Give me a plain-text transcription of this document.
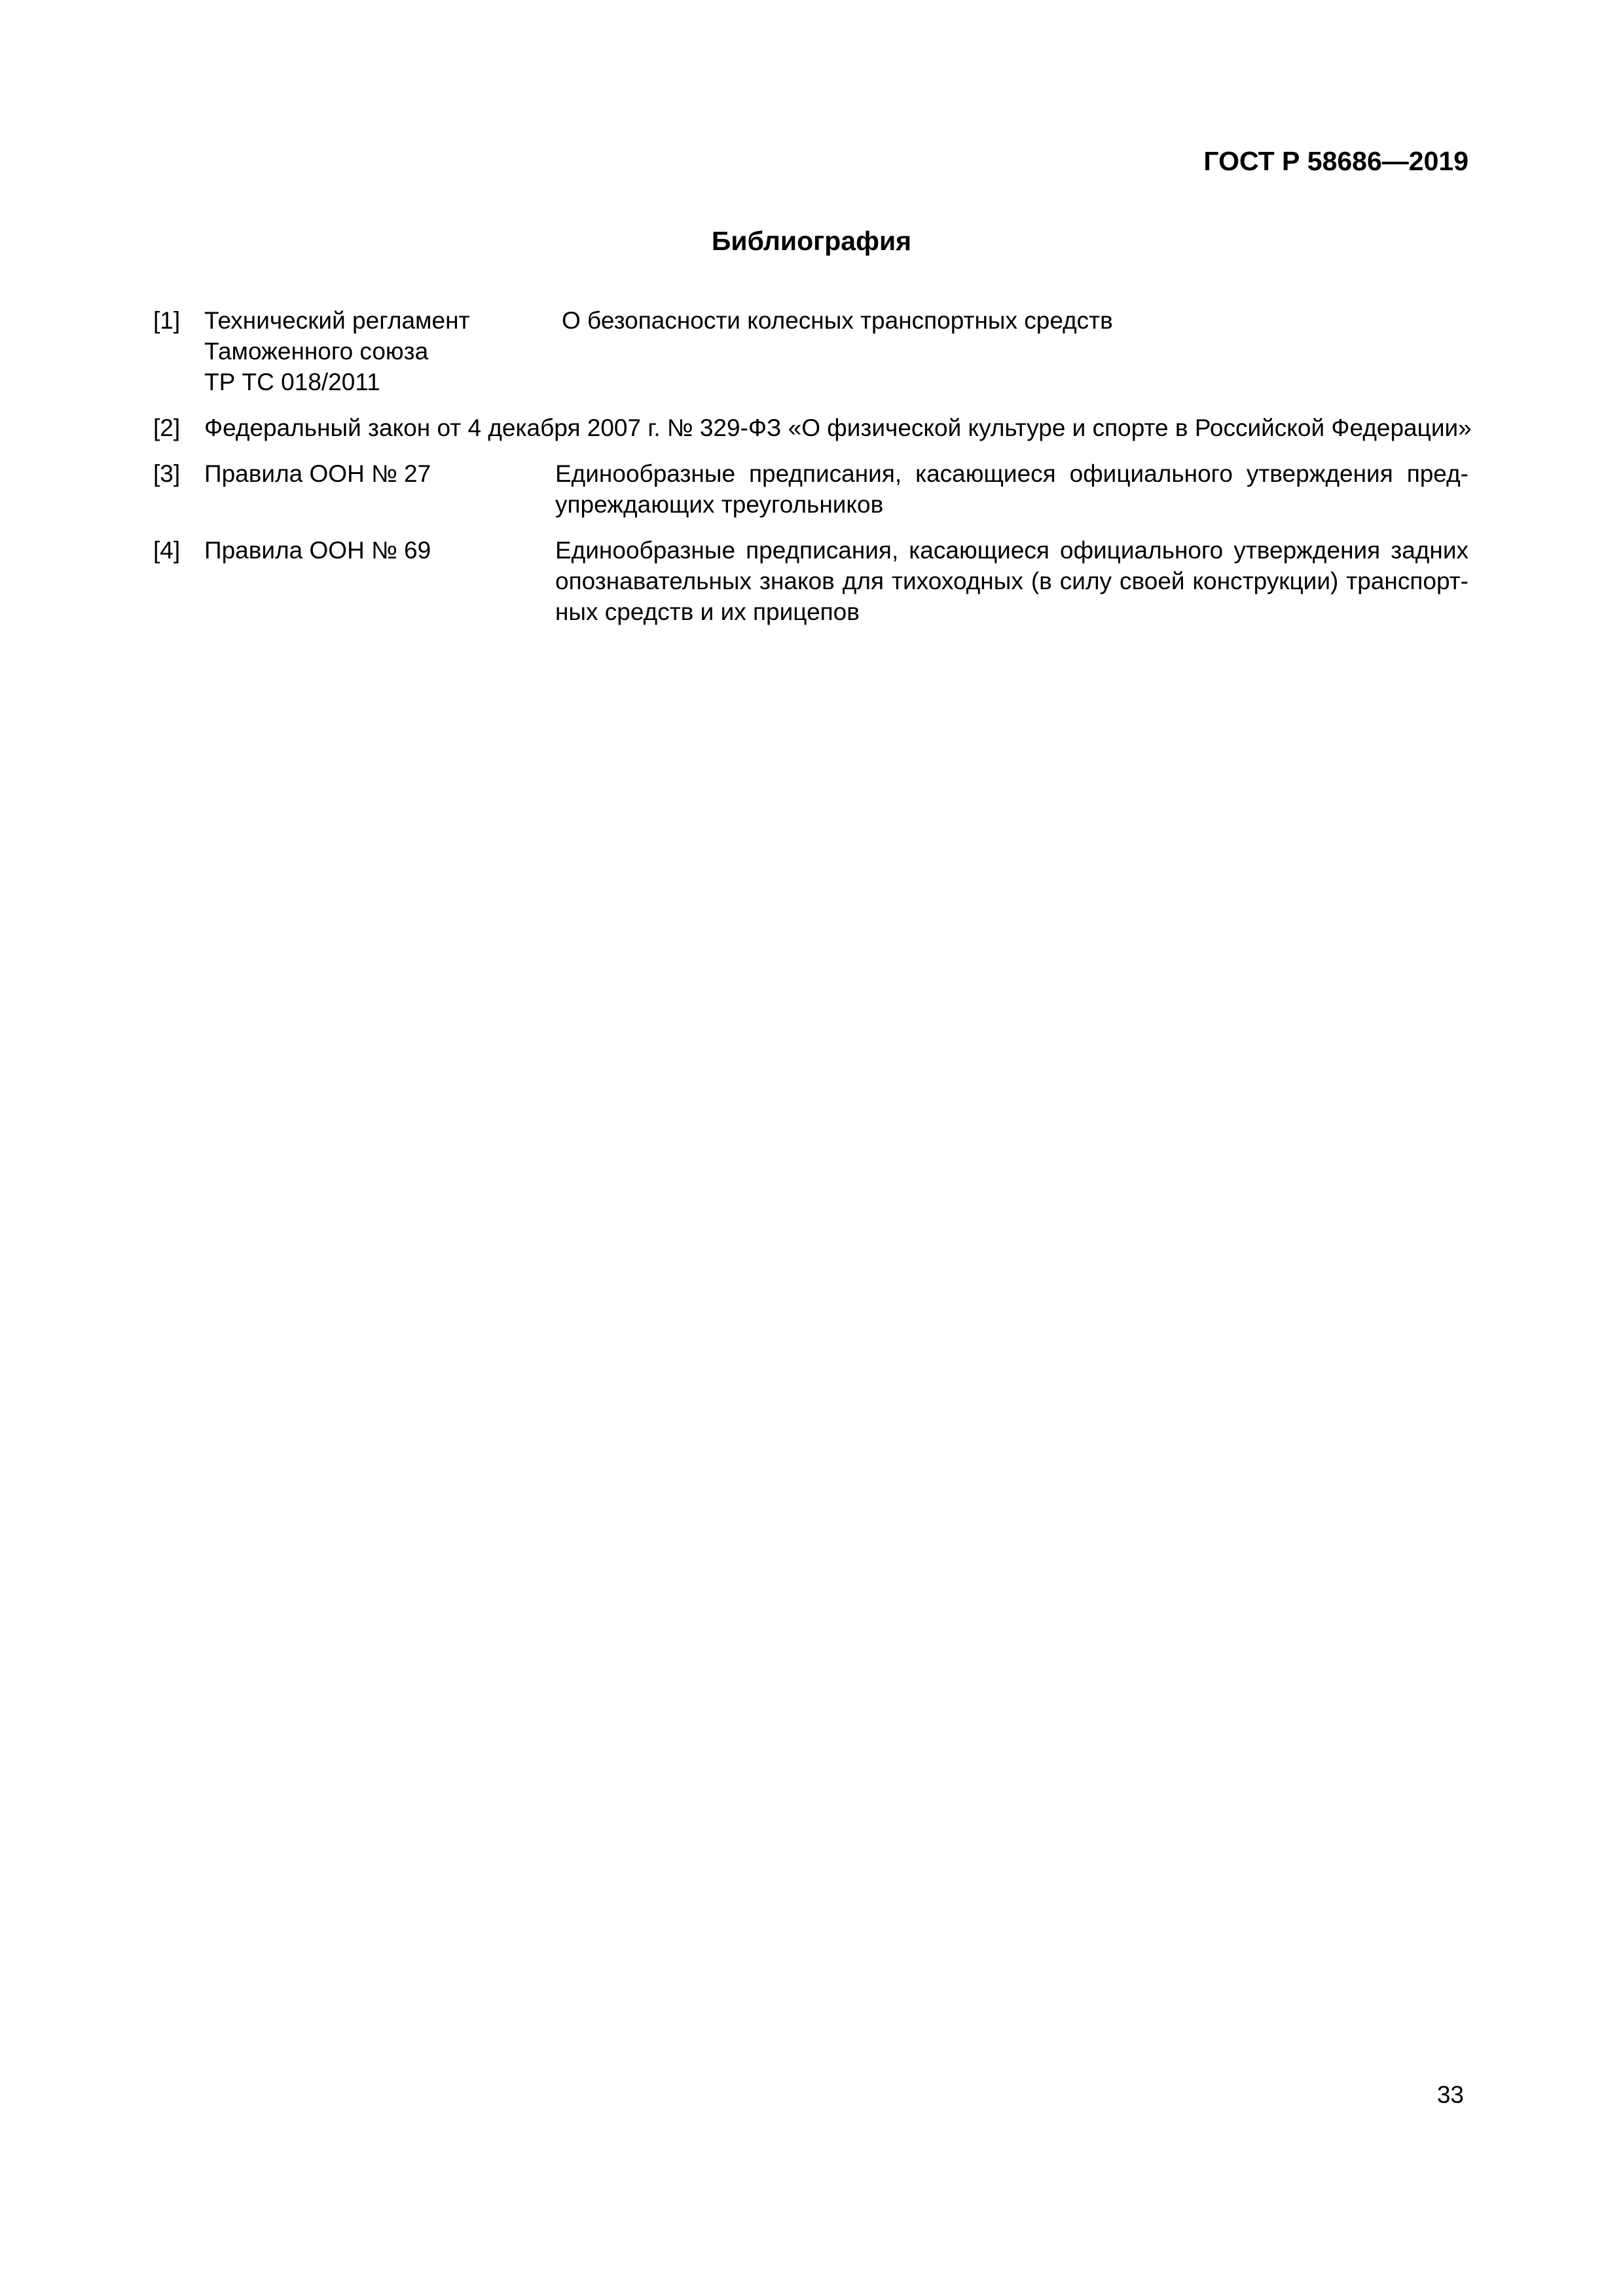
ГОСТ Р 58686—2019
Библиография
[1] Технический регламент
Таможенного союза
ТР ТС 018/2011
О безопасности колесных транспортных средств
[2] Федеральный закон от 4 декабря 2007 г. № 329-ФЗ «О физической культуре и спорте в Российской Федерации»
[3] Правила ООН № 27	Единообразные предписания, касающиеся официального утверждения предупреждающих треугольников
[4] Правила ООН № 69	Единообразные предписания, касающиеся официального утверждения задних опознавательных знаков для тихоходных (в силу своей конструкции) транспортных средств и их прицепов
33
